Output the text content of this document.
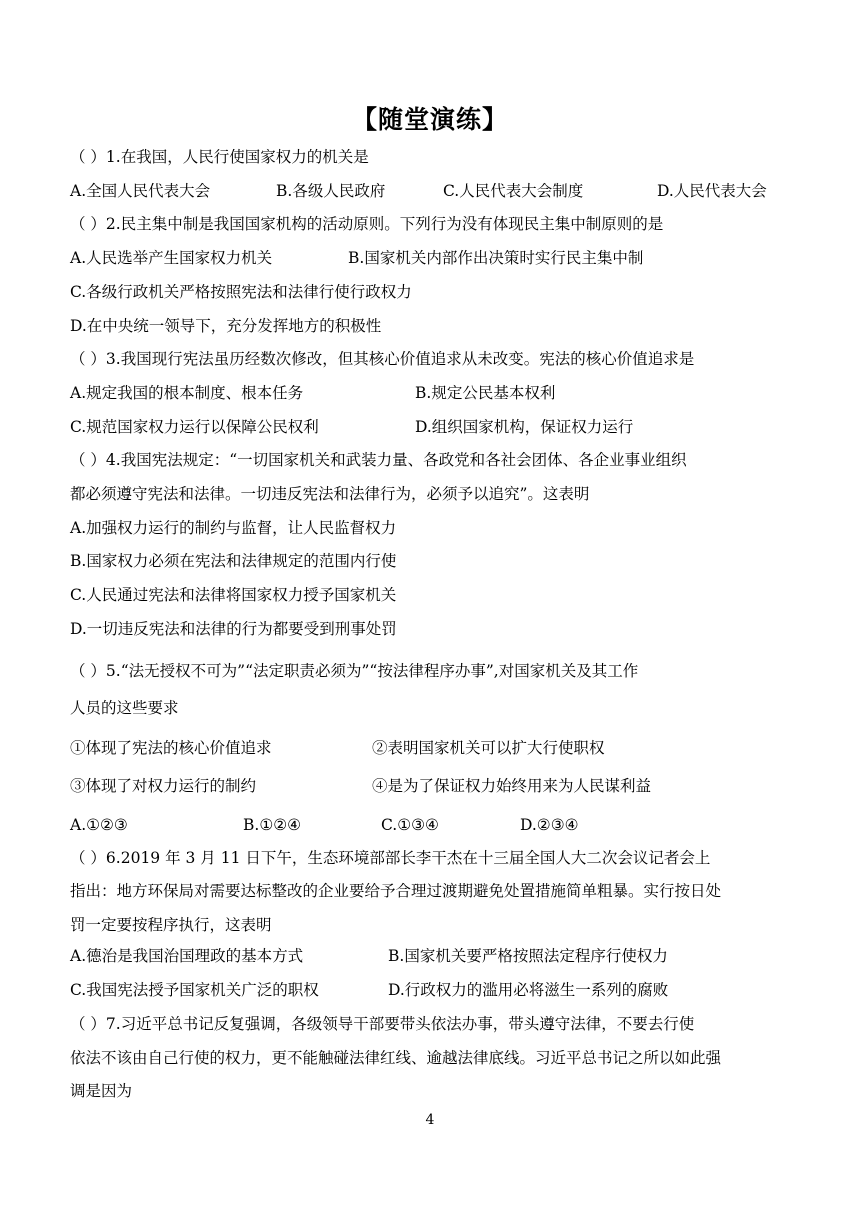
【随堂演练】
（ ）1.在我国，人民行使国家权力的机关是
A.全国人民代表大会	B.各级人民政府	C.人民代表大会制度	D.人民代表大会
（ ）2.民主集中制是我国国家机构的活动原则。下列行为没有体现民主集中制原则的是
A.人民选举产生国家权力机关	B.国家机关内部作出决策时实行民主集中制
C.各级行政机关严格按照宪法和法律行使行政权力
D.在中央统一领导下，充分发挥地方的积极性
（ ）3.我国现行宪法虽历经数次修改，但其核心价值追求从未改变。宪法的核心价值追求是
A.规定我国的根本制度、根本任务	B.规定公民基本权利
C.规范国家权力运行以保障公民权利	D.组织国家机构，保证权力运行
（ ）4.我国宪法规定：“一切国家机关和武装力量、各政党和各社会团体、各企业事业组织
都必须遵守宪法和法律。一切违反宪法和法律行为，必须予以追究”。这表明
A.加强权力运行的制约与监督，让人民监督权力
B.国家权力必须在宪法和法律规定的范围内行使
C.人民通过宪法和法律将国家权力授予国家机关
D.一切违反宪法和法律的行为都要受到刑事处罚
（ ）5.“法无授权不可为”“法定职责必须为”“按法律程序办事”,对国家机关及其工作
人员的这些要求
①体现了宪法的核心价值追求	②表明国家机关可以扩大行使职权
③体现了对权力运行的制约	④是为了保证权力始终用来为人民谋利益
A.①②③	B.①②④	C.①③④	D.②③④
（ ）6.2019 年 3 月 11 日下午，生态环境部部长李干杰在十三届全国人大二次会议记者会上
指出：地方环保局对需要达标整改的企业要给予合理过渡期避免处置措施简单粗暴。实行按日处
罚一定要按程序执行，这表明
A.德治是我国治国理政的基本方式	B.国家机关要严格按照法定程序行使权力
C.我国宪法授予国家机关广泛的职权	D.行政权力的滥用必将滋生一系列的腐败
（ ）7.习近平总书记反复强调，各级领导干部要带头依法办事，带头遵守法律，不要去行使
依法不该由自己行使的权力，更不能触碰法律红线、逾越法律底线。习近平总书记之所以如此强
调是因为
4
